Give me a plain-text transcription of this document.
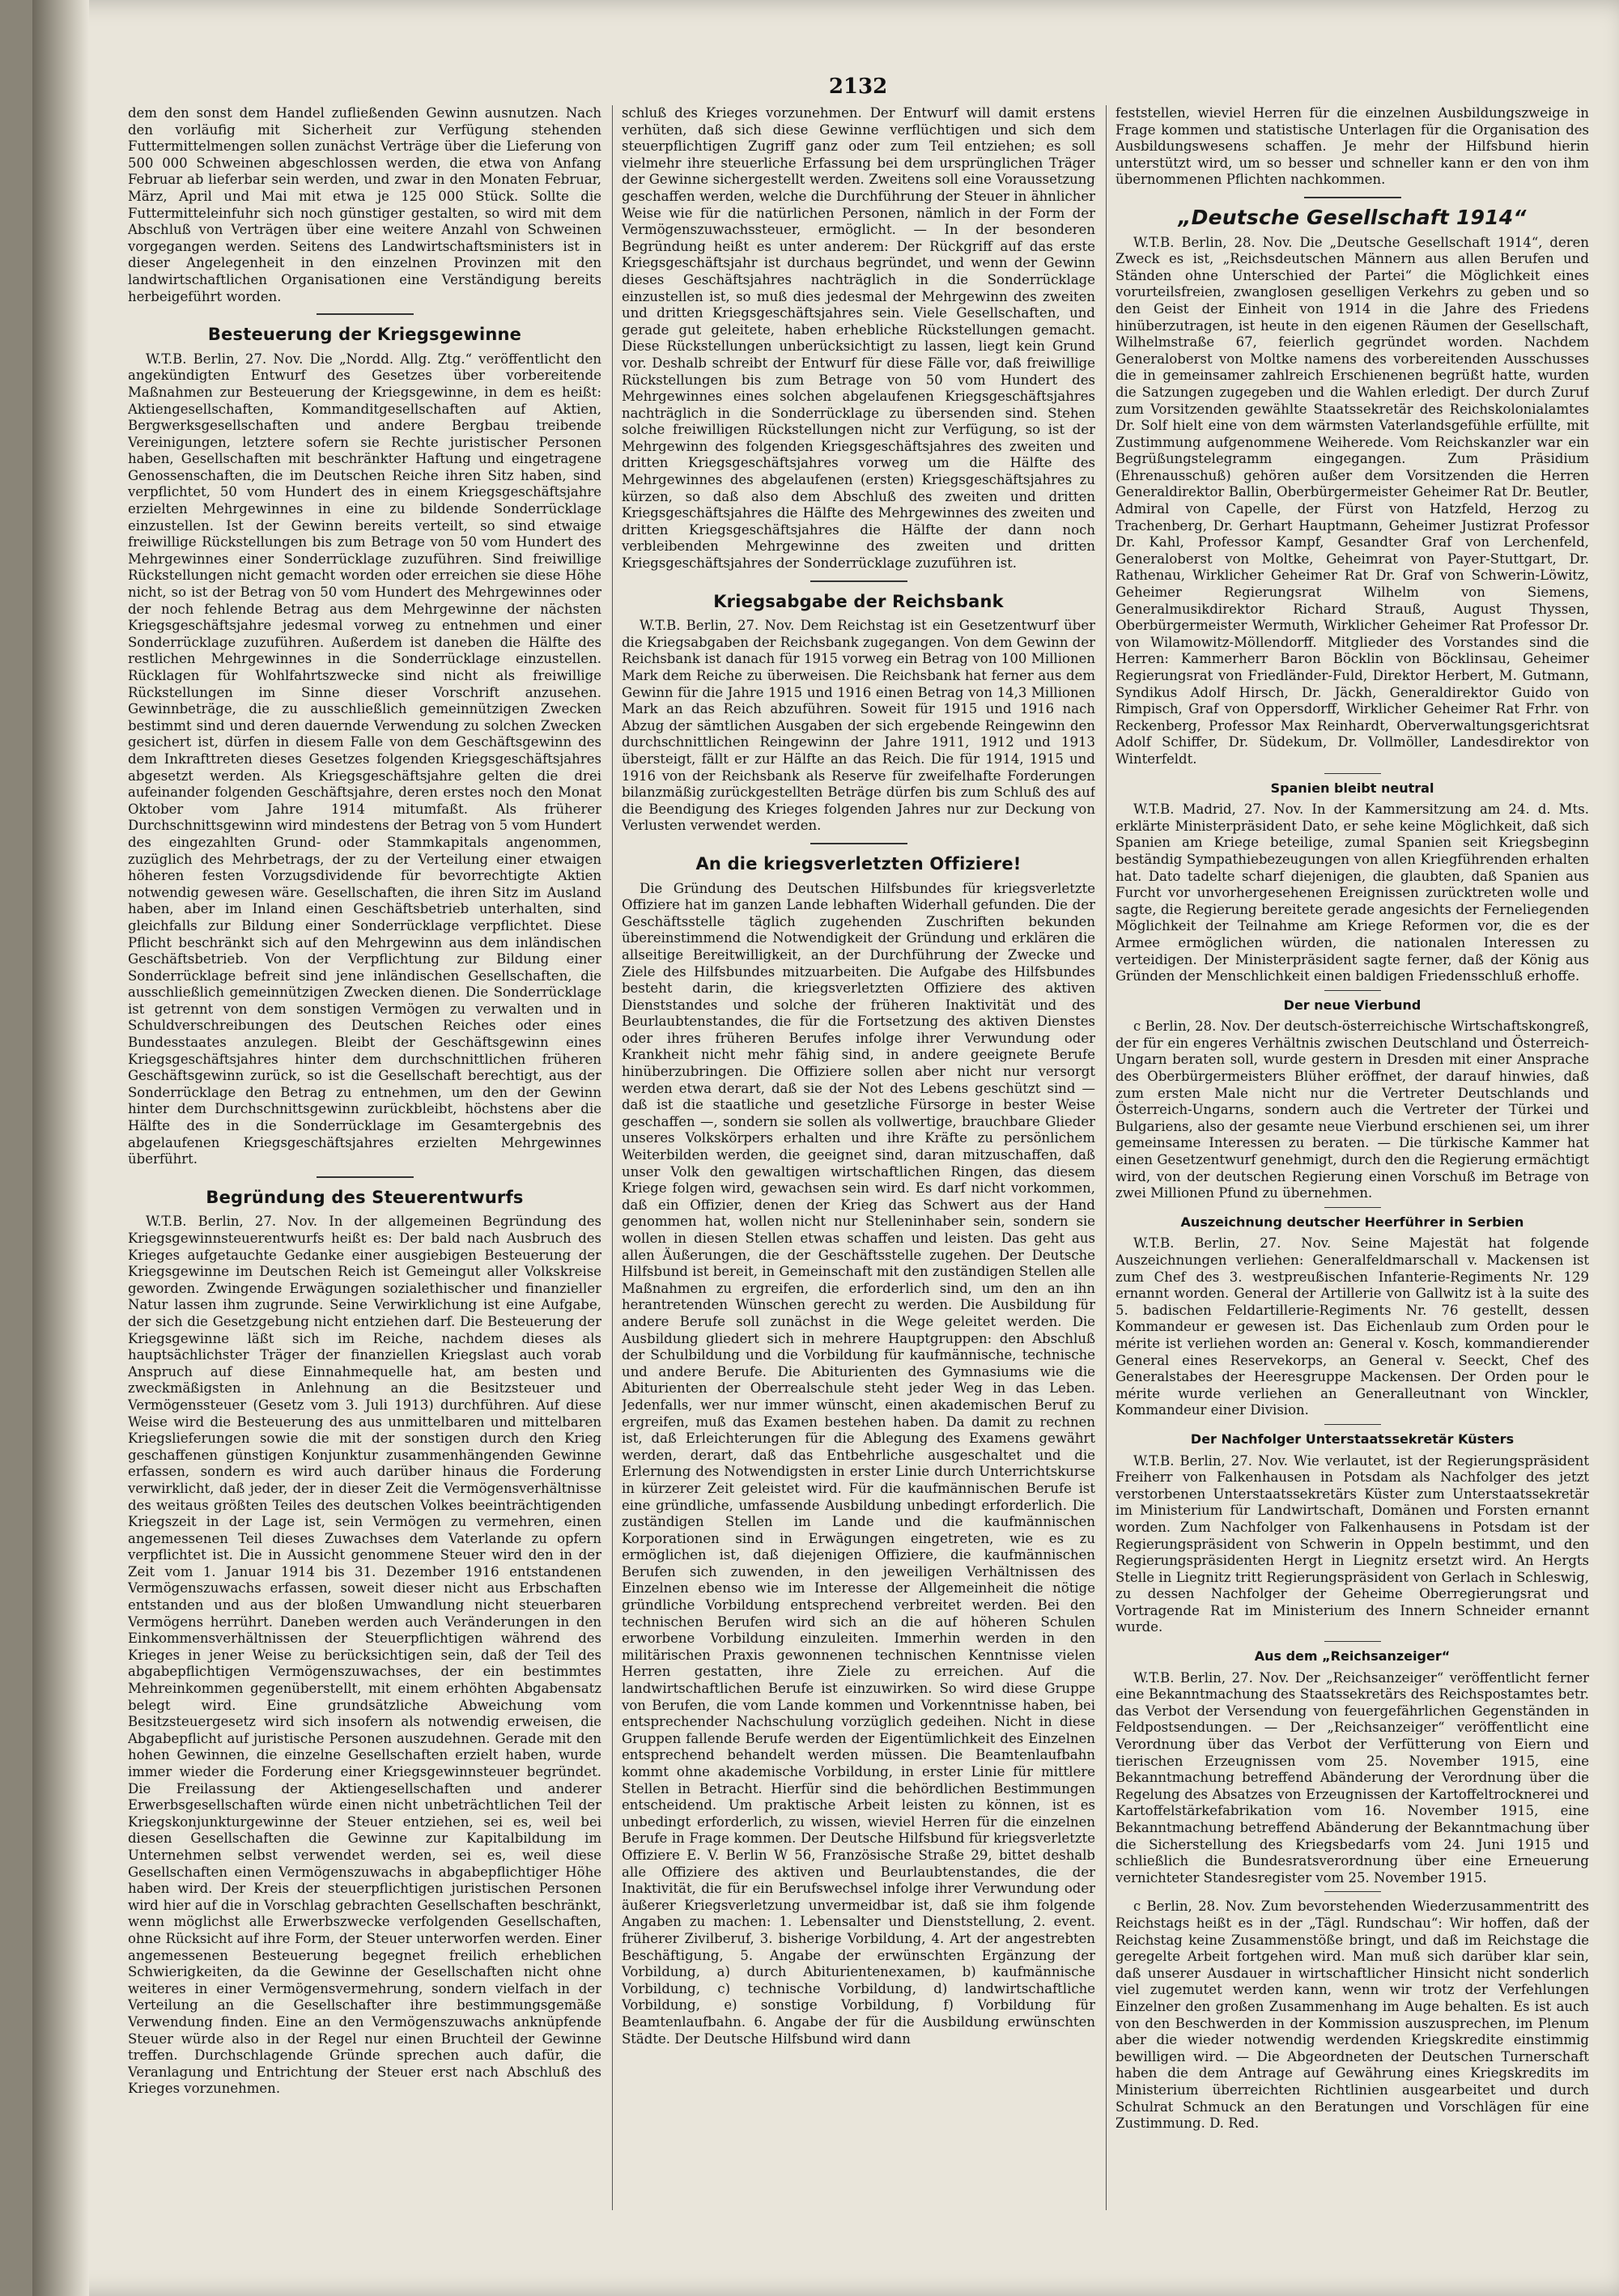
2132

dem den sonst dem Handel zufließenden Gewinn ausnutzen. Nach den vorläufig mit Sicherheit zur Verfügung stehenden Futtermittelmengen sollen zunächst Verträge über die Lieferung von 500 000 Schweinen abgeschlossen werden, die etwa von Anfang Februar ab lieferbar sein werden, und zwar in den Monaten Februar, März, April und Mai mit etwa je 125 000 Stück. Sollte die Futtermitteleinfuhr sich noch günstiger gestalten, so wird mit dem Abschluß von Verträgen über eine weitere Anzahl von Schweinen vorgegangen werden. Seitens des Landwirtschaftsministers ist in dieser Angelegenheit in den einzelnen Provinzen mit den landwirtschaftlichen Organisationen eine Verständigung bereits herbeigeführt worden.

Besteuerung der Kriegsgewinne

W.T.B. Berlin, 27. Nov. Die „Nordd. Allg. Ztg.“ veröffentlicht den angekündigten Entwurf des Gesetzes über vorbereitende Maßnahmen zur Besteuerung der Kriegsgewinne, in dem es heißt: Aktiengesellschaften, Kommanditgesellschaften auf Aktien, Bergwerksgesellschaften und andere Bergbau treibende Vereinigungen, letztere sofern sie Rechte juristischer Personen haben, Gesellschaften mit beschränkter Haftung und eingetragene Genossenschaften, die im Deutschen Reiche ihren Sitz haben, sind verpflichtet, 50 vom Hundert des in einem Kriegsgeschäftsjahre erzielten Mehrgewinnes in eine zu bildende Sonderrücklage einzustellen. Ist der Gewinn bereits verteilt, so sind etwaige freiwillige Rückstellungen bis zum Betrage von 50 vom Hundert des Mehrgewinnes einer Sonderrücklage zuzuführen. Sind freiwillige Rückstellungen nicht gemacht worden oder erreichen sie diese Höhe nicht, so ist der Betrag von 50 vom Hundert des Mehrgewinnes oder der noch fehlende Betrag aus dem Mehrgewinne der nächsten Kriegsgeschäftsjahre jedesmal vorweg zu entnehmen und einer Sonderrücklage zuzuführen. Außerdem ist daneben die Hälfte des restlichen Mehrgewinnes in die Sonderrücklage einzustellen. Rücklagen für Wohlfahrtszwecke sind nicht als freiwillige Rückstellungen im Sinne dieser Vorschrift anzusehen. Gewinnbeträge, die zu ausschließlich gemeinnützigen Zwecken bestimmt sind und deren dauernde Verwendung zu solchen Zwecken gesichert ist, dürfen in diesem Falle von dem Geschäftsgewinn des dem Inkrafttreten dieses Gesetzes folgenden Kriegsgeschäftsjahres abgesetzt werden. Als Kriegsgeschäftsjahre gelten die drei aufeinander folgenden Geschäftsjahre, deren erstes noch den Monat Oktober vom Jahre 1914 mitumfaßt. Als früherer Durchschnittsgewinn wird mindestens der Betrag von 5 vom Hundert des eingezahlten Grund- oder Stammkapitals angenommen, zuzüglich des Mehrbetrags, der zu der Verteilung einer etwaigen höheren festen Vorzugsdividende für bevorrechtigte Aktien notwendig gewesen wäre. Gesellschaften, die ihren Sitz im Ausland haben, aber im Inland einen Geschäftsbetrieb unterhalten, sind gleichfalls zur Bildung einer Sonderrücklage verpflichtet. Diese Pflicht beschränkt sich auf den Mehrgewinn aus dem inländischen Geschäftsbetrieb. Von der Verpflichtung zur Bildung einer Sonderrücklage befreit sind jene inländischen Gesellschaften, die ausschließlich gemeinnützigen Zwecken dienen. Die Sonderrücklage ist getrennt von dem sonstigen Vermögen zu verwalten und in Schuldverschreibungen des Deutschen Reiches oder eines Bundesstaates anzulegen. Bleibt der Geschäftsgewinn eines Kriegsgeschäftsjahres hinter dem durchschnittlichen früheren Geschäftsgewinn zurück, so ist die Gesellschaft berechtigt, aus der Sonderrücklage den Betrag zu entnehmen, um den der Gewinn hinter dem Durchschnittsgewinn zurückbleibt, höchstens aber die Hälfte des in die Sonderrücklage im Gesamtergebnis des abgelaufenen Kriegsgeschäftsjahres erzielten Mehrgewinnes überführt.

Begründung des Steuerentwurfs

W.T.B. Berlin, 27. Nov. In der allgemeinen Begründung des Kriegsgewinnsteuerentwurfs heißt es: Der bald nach Ausbruch des Krieges aufgetauchte Gedanke einer ausgiebigen Besteuerung der Kriegsgewinne im Deutschen Reich ist Gemeingut aller Volkskreise geworden. Zwingende Erwägungen sozialethischer und finanzieller Natur lassen ihm zugrunde. Seine Verwirklichung ist eine Aufgabe, der sich die Gesetzgebung nicht entziehen darf. Die Besteuerung der Kriegsgewinne läßt sich im Reiche, nachdem dieses als hauptsächlichster Träger der finanziellen Kriegslast auch vorab Anspruch auf diese Einnahmequelle hat, am besten und zweckmäßigsten in Anlehnung an die Besitzsteuer und Vermögenssteuer (Gesetz vom 3. Juli 1913) durchführen. Auf diese Weise wird die Besteuerung des aus unmittelbaren und mittelbaren Kriegslieferungen sowie die mit der sonstigen durch den Krieg geschaffenen günstigen Konjunktur zusammenhängenden Gewinne erfassen, sondern es wird auch darüber hinaus die Forderung verwirklicht, daß jeder, der in dieser Zeit die Vermögensverhältnisse des weitaus größten Teiles des deutschen Volkes beeinträchtigenden Kriegszeit in der Lage ist, sein Vermögen zu vermehren, einen angemessenen Teil dieses Zuwachses dem Vaterlande zu opfern verpflichtet ist. Die in Aussicht genommene Steuer wird den in der Zeit vom 1. Januar 1914 bis 31. Dezember 1916 entstandenen Vermögenszuwachs erfassen, soweit dieser nicht aus Erbschaften entstanden und aus der bloßen Umwandlung nicht steuerbaren Vermögens herrührt. Daneben werden auch Veränderungen in den Einkommensverhältnissen der Steuerpflichtigen während des Krieges in jener Weise zu berücksichtigen sein, daß der Teil des abgabepflichtigen Vermögenszuwachses, der ein bestimmtes Mehreinkommen gegenüberstellt, mit einem erhöhten Abgabensatz belegt wird. Eine grundsätzliche Abweichung vom Besitzsteuergesetz wird sich insofern als notwendig erweisen, die Abgabepflicht auf juristische Personen auszudehnen. Gerade mit den hohen Gewinnen, die einzelne Gesellschaften erzielt haben, wurde immer wieder die Forderung einer Kriegsgewinnsteuer begründet. Die Freilassung der Aktiengesellschaften und anderer Erwerbsgesellschaften würde einen nicht unbeträchtlichen Teil der Kriegskonjunkturgewinne der Steuer entziehen, sei es, weil bei diesen Gesellschaften die Gewinne zur Kapitalbildung im Unternehmen selbst verwendet werden, sei es, weil diese Gesellschaften einen Vermögenszuwachs in abgabepflichtiger Höhe haben wird. Der Kreis der steuerpflichtigen juristischen Personen wird hier auf die in Vorschlag gebrachten Gesellschaften beschränkt, wenn möglichst alle Erwerbszwecke verfolgenden Gesellschaften, ohne Rücksicht auf ihre Form, der Steuer unterworfen werden. Einer angemessenen Besteuerung begegnet freilich erheblichen Schwierigkeiten, da die Gewinne der Gesellschaften nicht ohne weiteres in einer Vermögensvermehrung, sondern vielfach in der Verteilung an die Gesellschafter ihre bestimmungsgemäße Verwendung finden. Eine an den Vermögenszuwachs anknüpfende Steuer würde also in der Regel nur einen Bruchteil der Gewinne treffen. Durchschlagende Gründe sprechen auch dafür, die Veranlagung und Entrichtung der Steuer erst nach Abschluß des Krieges vorzunehmen.

schluß des Krieges vorzunehmen. Der Entwurf will damit erstens verhüten, daß sich diese Gewinne verflüchtigen und sich dem steuerpflichtigen Zugriff ganz oder zum Teil entziehen; es soll vielmehr ihre steuerliche Erfassung bei dem ursprünglichen Träger der Gewinne sichergestellt werden. Zweitens soll eine Voraussetzung geschaffen werden, welche die Durchführung der Steuer in ähnlicher Weise wie für die natürlichen Personen, nämlich in der Form der Vermögenszuwachssteuer, ermöglicht. — In der besonderen Begründung heißt es unter anderem: Der Rückgriff auf das erste Kriegsgeschäftsjahr ist durchaus begründet, und wenn der Gewinn dieses Geschäftsjahres nachträglich in die Sonderrücklage einzustellen ist, so muß dies jedesmal der Mehrgewinn des zweiten und dritten Kriegsgeschäftsjahres sein. Viele Gesellschaften, und gerade gut geleitete, haben erhebliche Rückstellungen gemacht. Diese Rückstellungen unberücksichtigt zu lassen, liegt kein Grund vor. Deshalb schreibt der Entwurf für diese Fälle vor, daß freiwillige Rückstellungen bis zum Betrage von 50 vom Hundert des Mehrgewinnes eines solchen abgelaufenen Kriegsgeschäftsjahres nachträglich in die Sonderrücklage zu übersenden sind. Stehen solche freiwilligen Rückstellungen nicht zur Verfügung, so ist der Mehrgewinn des folgenden Kriegsgeschäftsjahres des zweiten und dritten Kriegsgeschäftsjahres vorweg um die Hälfte des Mehrgewinnes des abgelaufenen (ersten) Kriegsgeschäftsjahres zu kürzen, so daß also dem Abschluß des zweiten und dritten Kriegsgeschäftsjahres die Hälfte des Mehrgewinnes des zweiten und dritten Kriegsgeschäftsjahres die Hälfte der dann noch verbleibenden Mehrgewinne des zweiten und dritten Kriegsgeschäftsjahres der Sonderrücklage zuzuführen ist.

Kriegsabgabe der Reichsbank

W.T.B. Berlin, 27. Nov. Dem Reichstag ist ein Gesetzentwurf über die Kriegsabgaben der Reichsbank zugegangen. Von dem Gewinn der Reichsbank ist danach für 1915 vorweg ein Betrag von 100 Millionen Mark dem Reiche zu überweisen. Die Reichsbank hat ferner aus dem Gewinn für die Jahre 1915 und 1916 einen Betrag von 14,3 Millionen Mark an das Reich abzuführen. Soweit für 1915 und 1916 nach Abzug der sämtlichen Ausgaben der sich ergebende Reingewinn den durchschnittlichen Reingewinn der Jahre 1911, 1912 und 1913 übersteigt, fällt er zur Hälfte an das Reich. Die für 1914, 1915 und 1916 von der Reichsbank als Reserve für zweifelhafte Forderungen bilanzmäßig zurückgestellten Beträge dürfen bis zum Schluß des auf die Beendigung des Krieges folgenden Jahres nur zur Deckung von Verlusten verwendet werden.

An die kriegsverletzten Offiziere!

Die Gründung des Deutschen Hilfsbundes für kriegsverletzte Offiziere hat im ganzen Lande lebhaften Widerhall gefunden. Die der Geschäftsstelle täglich zugehenden Zuschriften bekunden übereinstimmend die Notwendigkeit der Gründung und erklären die allseitige Bereitwilligkeit, an der Durchführung der Zwecke und Ziele des Hilfsbundes mitzuarbeiten. Die Aufgabe des Hilfsbundes besteht darin, die kriegsverletzten Offiziere des aktiven Dienststandes und solche der früheren Inaktivität und des Beurlaubtenstandes, die für die Fortsetzung des aktiven Dienstes oder ihres früheren Berufes infolge ihrer Verwundung oder Krankheit nicht mehr fähig sind, in andere geeignete Berufe hinüberzubringen. Die Offiziere sollen aber nicht nur versorgt werden etwa derart, daß sie der Not des Lebens geschützt sind — daß ist die staatliche und gesetzliche Fürsorge in bester Weise geschaffen —, sondern sie sollen als vollwertige, brauchbare Glieder unseres Volkskörpers erhalten und ihre Kräfte zu persönlichem Weiterbilden werden, die geeignet sind, daran mitzuschaffen, daß unser Volk den gewaltigen wirtschaftlichen Ringen, das diesem Kriege folgen wird, gewachsen sein wird. Es darf nicht vorkommen, daß ein Offizier, denen der Krieg das Schwert aus der Hand genommen hat, wollen nicht nur Stelleninhaber sein, sondern sie wollen in diesen Stellen etwas schaffen und leisten. Das geht aus allen Äußerungen, die der Geschäftsstelle zugehen. Der Deutsche Hilfsbund ist bereit, in Gemeinschaft mit den zuständigen Stellen alle Maßnahmen zu ergreifen, die erforderlich sind, um den an ihn herantretenden Wünschen gerecht zu werden. Die Ausbildung für andere Berufe soll zunächst in die Wege geleitet werden. Die Ausbildung gliedert sich in mehrere Hauptgruppen: den Abschluß der Schulbildung und die Vorbildung für kaufmännische, technische und andere Berufe. Die Abiturienten des Gymnasiums wie die Abiturienten der Oberrealschule steht jeder Weg in das Leben. Jedenfalls, wer nur immer wünscht, einen akademischen Beruf zu ergreifen, muß das Examen bestehen haben. Da damit zu rechnen ist, daß Erleichterungen für die Ablegung des Examens gewährt werden, derart, daß das Entbehrliche ausgeschaltet und die Erlernung des Notwendigsten in erster Linie durch Unterrichtskurse in kürzerer Zeit geleistet wird. Für die kaufmännischen Berufe ist eine gründliche, umfassende Ausbildung unbedingt erforderlich. Die zuständigen Stellen im Lande und die kaufmännischen Korporationen sind in Erwägungen eingetreten, wie es zu ermöglichen ist, daß diejenigen Offiziere, die kaufmännischen Berufen sich zuwenden, in den jeweiligen Verhältnissen des Einzelnen ebenso wie im Interesse der Allgemeinheit die nötige gründliche Vorbildung entsprechend verbreitet werden. Bei den technischen Berufen wird sich an die auf höheren Schulen erworbene Vorbildung einzuleiten. Immerhin werden in den militärischen Praxis gewonnenen technischen Kenntnisse vielen Herren gestatten, ihre Ziele zu erreichen. Auf die landwirtschaftlichen Berufe ist einzuwirken. So wird diese Gruppe von Berufen, die vom Lande kommen und Vorkenntnisse haben, bei entsprechender Nachschulung vorzüglich gedeihen. Nicht in diese Gruppen fallende Berufe werden der Eigentümlichkeit des Einzelnen entsprechend behandelt werden müssen. Die Beamtenlaufbahn kommt ohne akademische Vorbildung, in erster Linie für mittlere Stellen in Betracht. Hierfür sind die behördlichen Bestimmungen entscheidend. Um praktische Arbeit leisten zu können, ist es unbedingt erforderlich, zu wissen, wieviel Herren für die einzelnen Berufe in Frage kommen. Der Deutsche Hilfsbund für kriegsverletzte Offiziere E. V. Berlin W 56, Französische Straße 29, bittet deshalb alle Offiziere des aktiven und Beurlaubtenstandes, die der Inaktivität, die für ein Berufswechsel infolge ihrer Verwundung oder äußerer Kriegsverletzung unvermeidbar ist, daß sie ihm folgende Angaben zu machen: 1. Lebensalter und Dienststellung, 2. event. früherer Zivilberuf, 3. bisherige Vorbildung, 4. Art der angestrebten Beschäftigung, 5. Angabe der erwünschten Ergänzung der Vorbildung, a) durch Abiturientenexamen, b) kaufmännische Vorbildung, c) technische Vorbildung, d) landwirtschaftliche Vorbildung, e) sonstige Vorbildung, f) Vorbildung für Beamtenlaufbahn. 6. Angabe der für die Ausbildung erwünschten Städte. Der Deutsche Hilfsbund wird dann

feststellen, wieviel Herren für die einzelnen Ausbildungszweige in Frage kommen und statistische Unterlagen für die Organisation des Ausbildungswesens schaffen. Je mehr der Hilfsbund hierin unterstützt wird, um so besser und schneller kann er den von ihm übernommenen Pflichten nachkommen.

„Deutsche Gesellschaft 1914“

W.T.B. Berlin, 28. Nov. Die „Deutsche Gesellschaft 1914“, deren Zweck es ist, „Reichsdeutschen Männern aus allen Berufen und Ständen ohne Unterschied der Partei“ die Möglichkeit eines vorurteilsfreien, zwanglosen geselligen Verkehrs zu geben und so den Geist der Einheit von 1914 in die Jahre des Friedens hinüberzutragen, ist heute in den eigenen Räumen der Gesellschaft, Wilhelmstraße 67, feierlich gegründet worden. Nachdem Generaloberst von Moltke namens des vorbereitenden Ausschusses die in gemeinsamer zahlreich Erschienenen begrüßt hatte, wurden die Satzungen zugegeben und die Wahlen erledigt. Der durch Zuruf zum Vorsitzenden gewählte Staatssekretär des Reichskolonialamtes Dr. Solf hielt eine von dem wärmsten Vaterlandsgefühle erfüllte, mit Zustimmung aufgenommene Weiherede. Vom Reichskanzler war ein Begrüßungstelegramm eingegangen. Zum Präsidium (Ehrenausschuß) gehören außer dem Vorsitzenden die Herren Generaldirektor Ballin, Oberbürgermeister Geheimer Rat Dr. Beutler, Admiral von Capelle, der Fürst von Hatzfeld, Herzog zu Trachenberg, Dr. Gerhart Hauptmann, Geheimer Justizrat Professor Dr. Kahl, Professor Kampf, Gesandter Graf von Lerchenfeld, Generaloberst von Moltke, Geheimrat von Payer-Stuttgart, Dr. Rathenau, Wirklicher Geheimer Rat Dr. Graf von Schwerin-Löwitz, Geheimer Regierungsrat Wilhelm von Siemens, Generalmusikdirektor Richard Strauß, August Thyssen, Oberbürgermeister Wermuth, Wirklicher Geheimer Rat Professor Dr. von Wilamowitz-Möllendorff. Mitglieder des Vorstandes sind die Herren: Kammerherr Baron Böcklin von Böcklinsau, Geheimer Regierungsrat von Friedländer-Fuld, Direktor Herbert, M. Gutmann, Syndikus Adolf Hirsch, Dr. Jäckh, Generaldirektor Guido von Rimpisch, Graf von Oppersdorff, Wirklicher Geheimer Rat Frhr. von Reckenberg, Professor Max Reinhardt, Oberverwaltungsgerichtsrat Adolf Schiffer, Dr. Südekum, Dr. Vollmöller, Landesdirektor von Winterfeldt.

Spanien bleibt neutral

W.T.B. Madrid, 27. Nov. In der Kammersitzung am 24. d. Mts. erklärte Ministerpräsident Dato, er sehe keine Möglichkeit, daß sich Spanien am Kriege beteilige, zumal Spanien seit Kriegsbeginn beständig Sympathiebezeugungen von allen Kriegführenden erhalten hat. Dato tadelte scharf diejenigen, die glaubten, daß Spanien aus Furcht vor unvorhergesehenen Ereignissen zurücktreten wolle und sagte, die Regierung bereitete gerade angesichts der Ferneliegenden Möglichkeit der Teilnahme am Kriege Reformen vor, die es der Armee ermöglichen würden, die nationalen Interessen zu verteidigen. Der Ministerpräsident sagte ferner, daß der König aus Gründen der Menschlichkeit einen baldigen Friedensschluß erhoffe.

Der neue Vierbund

c Berlin, 28. Nov. Der deutsch-österreichische Wirtschaftskongreß, der für ein engeres Verhältnis zwischen Deutschland und Österreich-Ungarn beraten soll, wurde gestern in Dresden mit einer Ansprache des Oberbürgermeisters Blüher eröffnet, der darauf hinwies, daß zum ersten Male nicht nur die Vertreter Deutschlands und Österreich-Ungarns, sondern auch die Vertreter der Türkei und Bulgariens, also der gesamte neue Vierbund erschienen sei, um ihrer gemeinsame Interessen zu beraten. — Die türkische Kammer hat einen Gesetzentwurf genehmigt, durch den die Regierung ermächtigt wird, von der deutschen Regierung einen Vorschuß im Betrage von zwei Millionen Pfund zu übernehmen.

Auszeichnung deutscher Heerführer in Serbien

W.T.B. Berlin, 27. Nov. Seine Majestät hat folgende Auszeichnungen verliehen: Generalfeldmarschall v. Mackensen ist zum Chef des 3. westpreußischen Infanterie-Regiments Nr. 129 ernannt worden. General der Artillerie von Gallwitz ist à la suite des 5. badischen Feldartillerie-Regiments Nr. 76 gestellt, dessen Kommandeur er gewesen ist. Das Eichenlaub zum Orden pour le mérite ist verliehen worden an: General v. Kosch, kommandierender General eines Reservekorps, an General v. Seeckt, Chef des Generalstabes der Heeresgruppe Mackensen. Der Orden pour le mérite wurde verliehen an Generalleutnant von Winckler, Kommandeur einer Division.

Der Nachfolger Unterstaatssekretär Küsters

W.T.B. Berlin, 27. Nov. Wie verlautet, ist der Regierungspräsident Freiherr von Falkenhausen in Potsdam als Nachfolger des jetzt verstorbenen Unterstaatssekretärs Küster zum Unterstaatssekretär im Ministerium für Landwirtschaft, Domänen und Forsten ernannt worden. Zum Nachfolger von Falkenhausens in Potsdam ist der Regierungspräsident von Schwerin in Oppeln bestimmt, und den Regierungspräsidenten Hergt in Liegnitz ersetzt wird. An Hergts Stelle in Liegnitz tritt Regierungspräsident von Gerlach in Schleswig, zu dessen Nachfolger der Geheime Oberregierungsrat und Vortragende Rat im Ministerium des Innern Schneider ernannt wurde.

Aus dem „Reichsanzeiger“

W.T.B. Berlin, 27. Nov. Der „Reichsanzeiger“ veröffentlicht ferner eine Bekanntmachung des Staatssekretärs des Reichspostamtes betr. das Verbot der Versendung von feuergefährlichen Gegenständen in Feldpostsendungen. — Der „Reichsanzeiger“ veröffentlicht eine Verordnung über das Verbot der Verfütterung von Eiern und tierischen Erzeugnissen vom 25. November 1915, eine Bekanntmachung betreffend Abänderung der Verordnung über die Regelung des Absatzes von Erzeugnissen der Kartoffeltrocknerei und Kartoffelstärkefabrikation vom 16. November 1915, eine Bekanntmachung betreffend Abänderung der Bekanntmachung über die Sicherstellung des Kriegsbedarfs vom 24. Juni 1915 und schließlich die Bundesratsverordnung über eine Erneuerung vernichteter Standesregister vom 25. November 1915.

c Berlin, 28. Nov. Zum bevorstehenden Wiederzusammentritt des Reichstags heißt es in der „Tägl. Rundschau“: Wir hoffen, daß der Reichstag keine Zusammenstöße bringt, und daß im Reichstage die geregelte Arbeit fortgehen wird. Man muß sich darüber klar sein, daß unserer Ausdauer in wirtschaftlicher Hinsicht nicht sonderlich viel zugemutet werden kann, wenn wir trotz der Verfehlungen Einzelner den großen Zusammenhang im Auge behalten. Es ist auch von den Beschwerden in der Kommission auszusprechen, im Plenum aber die wieder notwendig werdenden Kriegskredite einstimmig bewilligen wird. — Die Abgeordneten der Deutschen Turnerschaft haben die dem Antrage auf Gewährung eines Kriegskredits im Ministerium überreichten Richtlinien ausgearbeitet und durch Schulrat Schmuck an den Beratungen und Vorschlägen für eine Zustimmung. D. Red.
